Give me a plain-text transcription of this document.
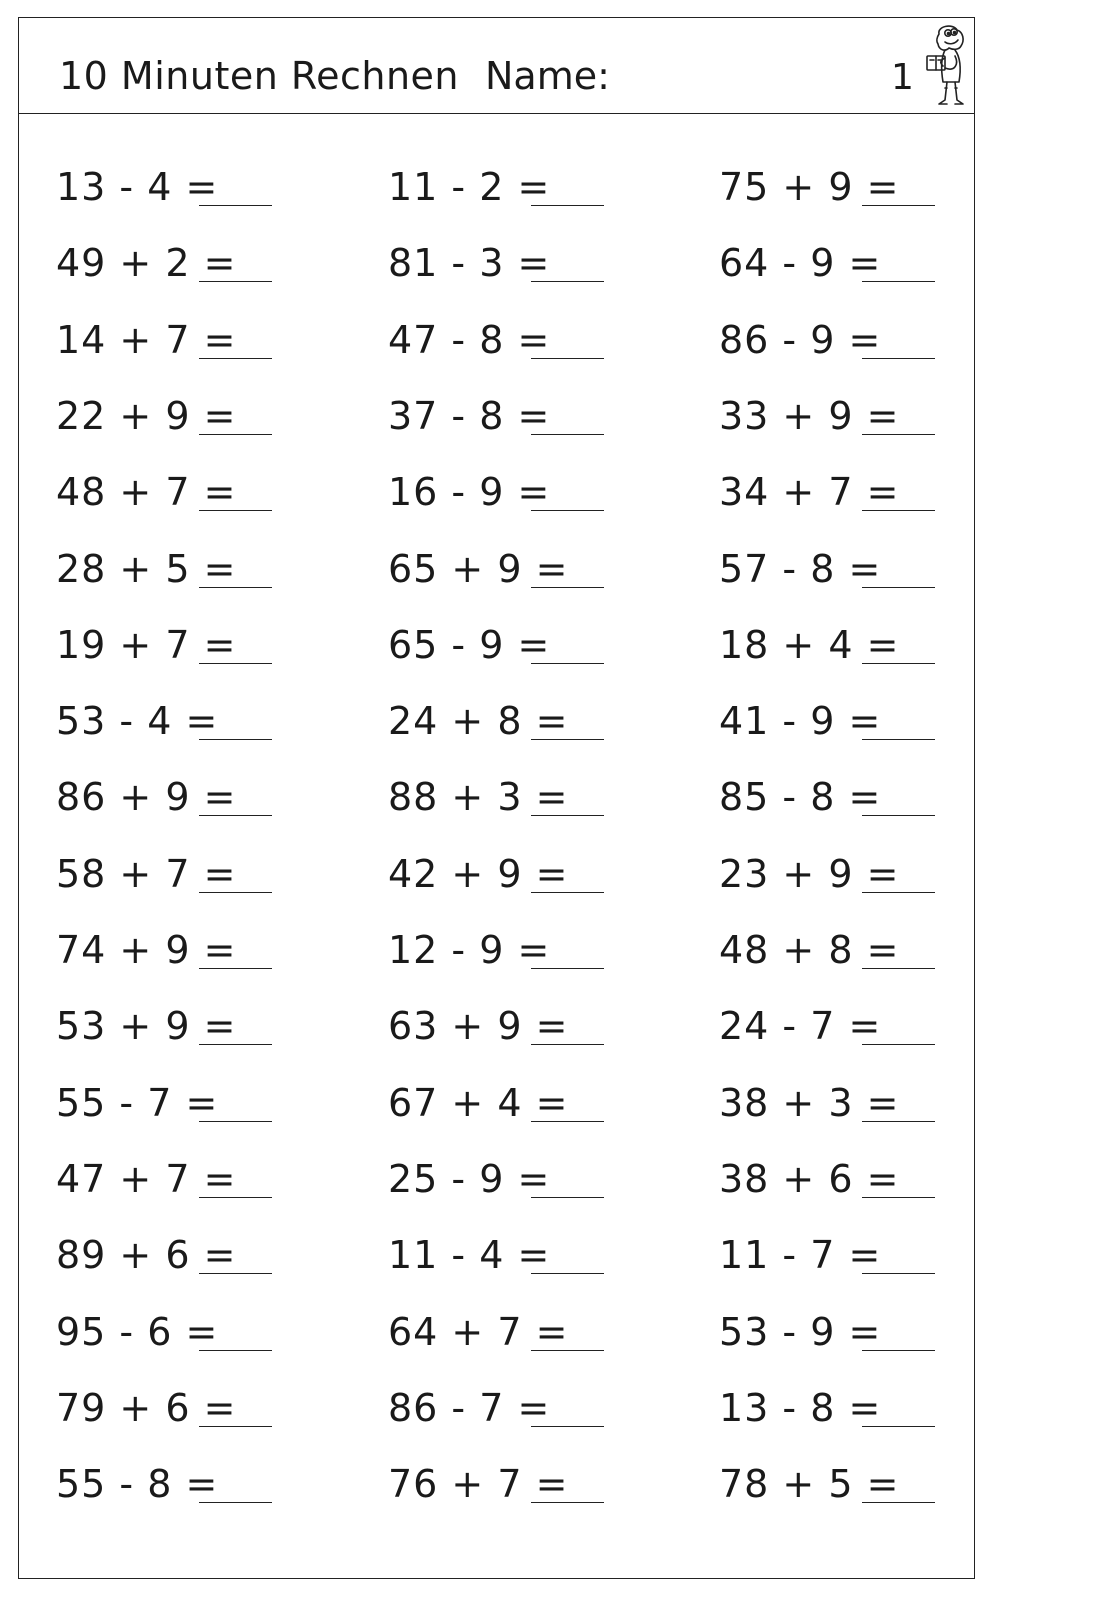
10 Minuten Rechnen Name:	1
13 - 4 =	11 - 2 =	75 + 9 =
49 + 2 =	81 - 3 =	64 - 9 =
14 + 7 =	47 - 8 =	86 - 9 =
22 + 9 =	37 - 8 =	33 + 9 =
48 + 7 =	16 - 9 =	34 + 7 =
28 + 5 =	65 + 9 =	57 - 8 =
19 + 7 =	65 - 9 =	18 + 4 =
53 - 4 =	24 + 8 =	41 - 9 =
86 + 9 =	88 + 3 =	85 - 8 =
58 + 7 =	42 + 9 =	23 + 9 =
74 + 9 =	12 - 9 =	48 + 8 =
53 + 9 =	63 + 9 =	24 - 7 =
55 - 7 =	67 + 4 =	38 + 3 =
47 + 7 =	25 - 9 =	38 + 6 =
89 + 6 =	11 - 4 =	11 - 7 =
95 - 6 =	64 + 7 =	53 - 9 =
79 + 6 =	86 - 7 =	13 - 8 =
55 - 8 =	76 + 7 =	78 + 5 =
